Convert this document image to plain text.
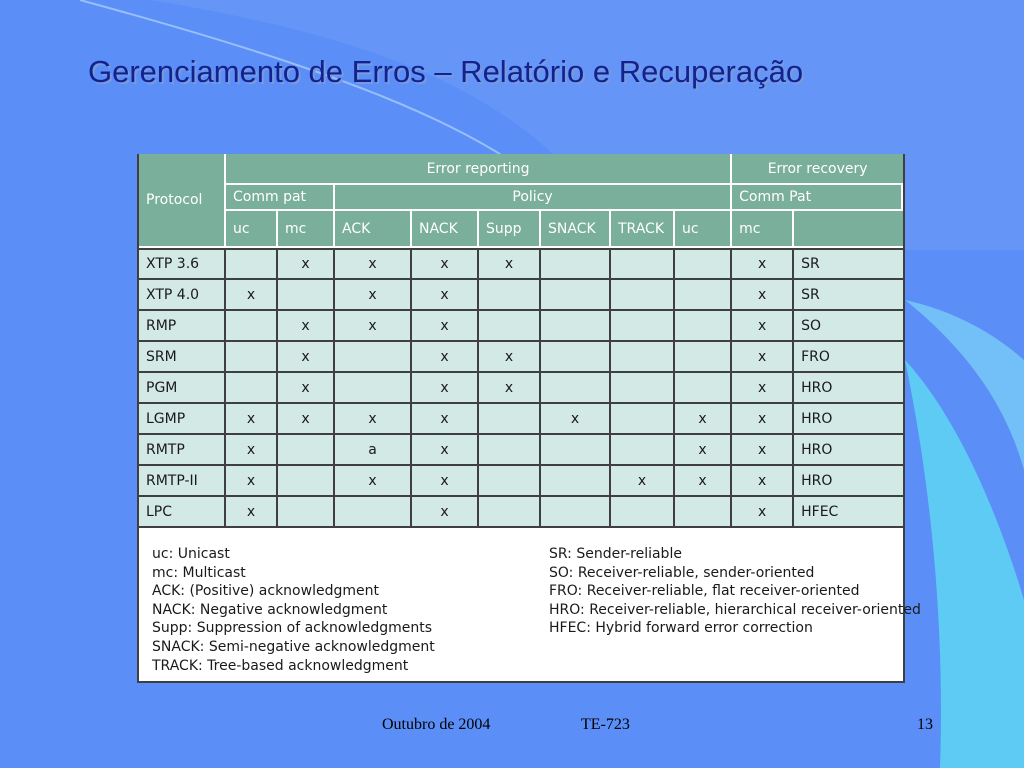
Gerenciamento de Erros – Relatório e Recuperação
Protocol	Error reporting								Error recovery		
	Comm pat		Policy						Comm Pat	
	uc	mc	ACK	NACK	Supp	SNACK	TRACK	uc	mc		
XTP 3.6		x	x	x	x				x	SR	
XTP 4.0	x		x	x					x	SR	
RMP		x	x	x					x	SO	
SRM		x		x	x				x	FRO	
PGM		x		x	x				x	HRO	
LGMP	x	x	x	x		x		x	x	HRO	
RMTP	x		a	x				x	x	HRO	
RMTP-II	x		x	x			x	x	x	HRO	
LPC	x			x					x	HFEC	
uc: Unicast
mc: Multicast
ACK: (Positive) acknowledgment
NACK: Negative acknowledgment
Supp: Suppression of acknowledgments
SNACK: Semi-negative acknowledgment
TRACK: Tree-based acknowledgment
SR: Sender-reliable
SO: Receiver-reliable, sender-oriented
FRO: Receiver-reliable, flat receiver-oriented
HRO: Receiver-reliable, hierarchical receiver-oriented
HFEC: Hybrid forward error correction
Outubro de 2004	TE-723	13
